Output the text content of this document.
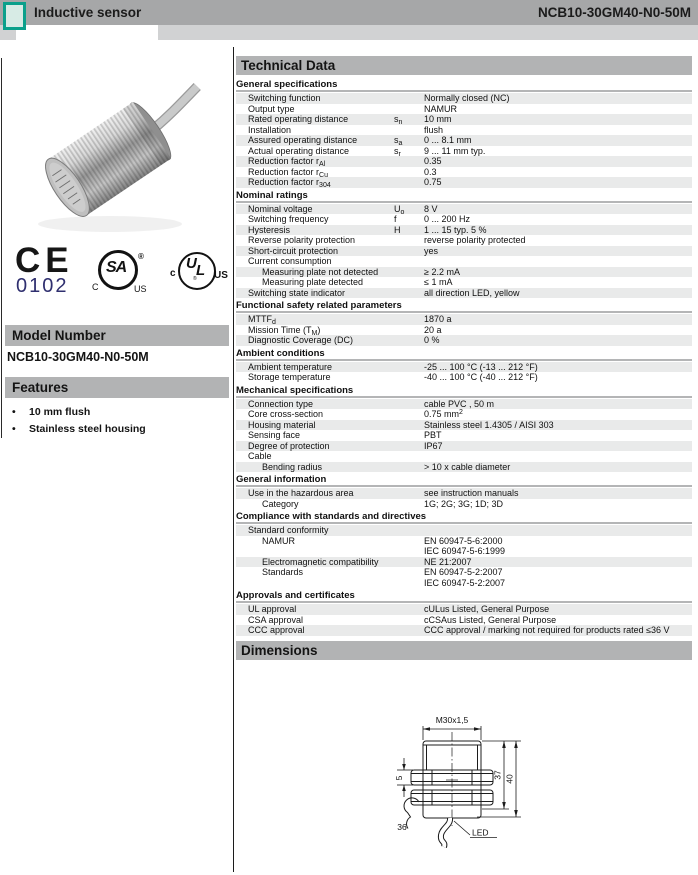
Inductive sensor	NCB10-30GM40-N0-50M
CE
0102
SA
®
C	US
U L
®
c	US
Model Number
NCB10-30GM40-N0-50M
Features
•	10 mm flush
•	Stainless steel housing
Technical Data
General specifications
Switching function	Normally closed (NC)
Output type	NAMUR
Rated operating distance	$s_n$	10 mm
Installation	flush
Assured operating distance	$s_a$	0 ... 8.1 mm
Actual operating distance	$s_r$	9 ... 11 mm typ.
Reduction factor $r_{Al}$	0.35
Reduction factor $r_{Cu}$	0.3
Reduction factor $r_{304}$	0.75
Nominal ratings
Nominal voltage	$U_o$	8 V
Switching frequency	f	0 ... 200 Hz
Hysteresis	H	1 ... 15 typ. 5 %
Reverse polarity protection	reverse polarity protected
Short-circuit protection	yes
Current consumption
Measuring plate not detected	≥ 2.2 mA
Measuring plate detected	≤ 1 mA
Switching state indicator	all direction LED, yellow
Functional safety related parameters
$MTTF_d$	1870 a
Mission Time $(T_M)$	20 a
Diagnostic Coverage (DC)	0 %
Ambient conditions
Ambient temperature	-25 ... 100 °C (-13 ... 212 °F)
Storage temperature	-40 ... 100 °C (-40 ... 212 °F)
Mechanical specifications
Connection type	cable PVC , 50 m
Core cross-section	0.75 $mm^2$
Housing material	Stainless steel 1.4305 / AISI 303
Sensing face	PBT
Degree of protection	IP67
Cable
Bending radius	> 10 x cable diameter
General information
Use in the hazardous area	see instruction manuals
Category	1G; 2G; 3G; 1D; 3D
Compliance with standards and directives
Standard conformity
NAMUR	EN 60947-5-6:2000
IEC 60947-5-6:1999
Electromagnetic compatibility	NE 21:2007
Standards	EN 60947-5-2:2007
IEC 60947-5-2:2007
Approvals and certificates
UL approval	cULus Listed, General Purpose
CSA approval	cCSAus Listed, General Purpose
CCC approval	CCC approval / marking not required for products rated ≤36 V
Dimensions
M30x1,5
5
36
37 40
LED
